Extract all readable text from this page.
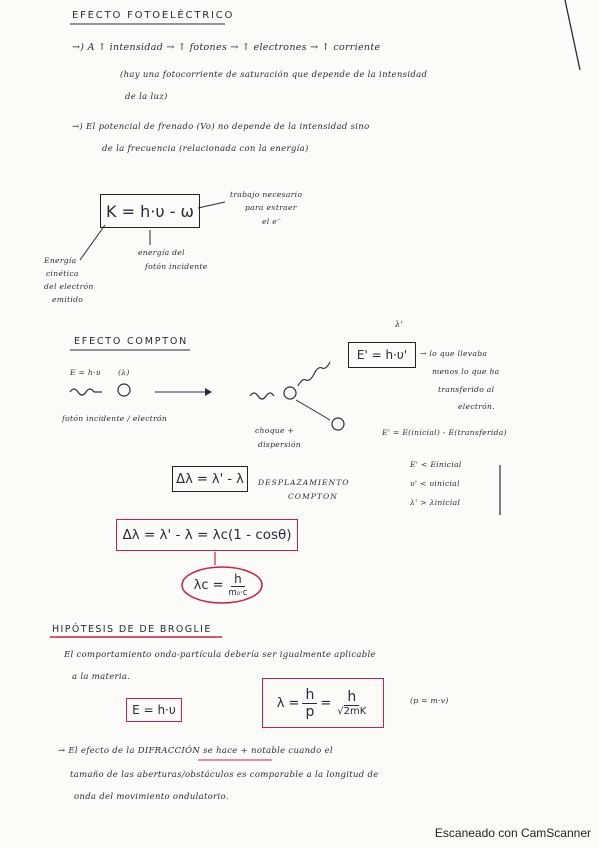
EFECTO FOTOELÉCTRICO
→) A ↑ intensidad → ↑ fotones → ↑ electrones → ↑ corriente
(hay una fotocorriente de saturación que depende de la intensidad
de la luz)
→) El potencial de frenado (Vo) no depende de la intensidad sino
de la frecuencia (relacionada con la energía)
K = h·υ - ω
trabajo necesario
para extraer
el e⁻
Energía
cinética
del electrón
emitido
energía del
fotón incidente
EFECTO COMPTON
E = h·υ (λ)
fotón incidente / electrón
choque +
dispersión
λ'
E' = h·υ' → lo que llevaba
menos lo que ha
transferido al
electrón.
E' = E(inicial) - E(transferida)
E' < Einicial
υ' < υinicial
λ' > λinicial
Δλ = λ' - λ DESPLAZAMIENTO
COMPTON
Δλ = λ' - λ = λc(1 - cosθ)
$\lambda c = \frac{h}{\text{m₀·c}}$
HIPÓTESIS DE DE BROGLIE
El comportamiento onda-partícula debería ser igualmente aplicable
a la materia.
E = h·υ	$\lambda = \frac{h}{p} = \frac{h}{√2mK}$	(p = m·v)
→ El efecto de la DIFRACCIÓN se hace + notable cuando el
tamaño de las aberturas/obstáculos es comparable a la longitud de
onda del movimiento ondulatorio.
Escaneado con CamScanner
